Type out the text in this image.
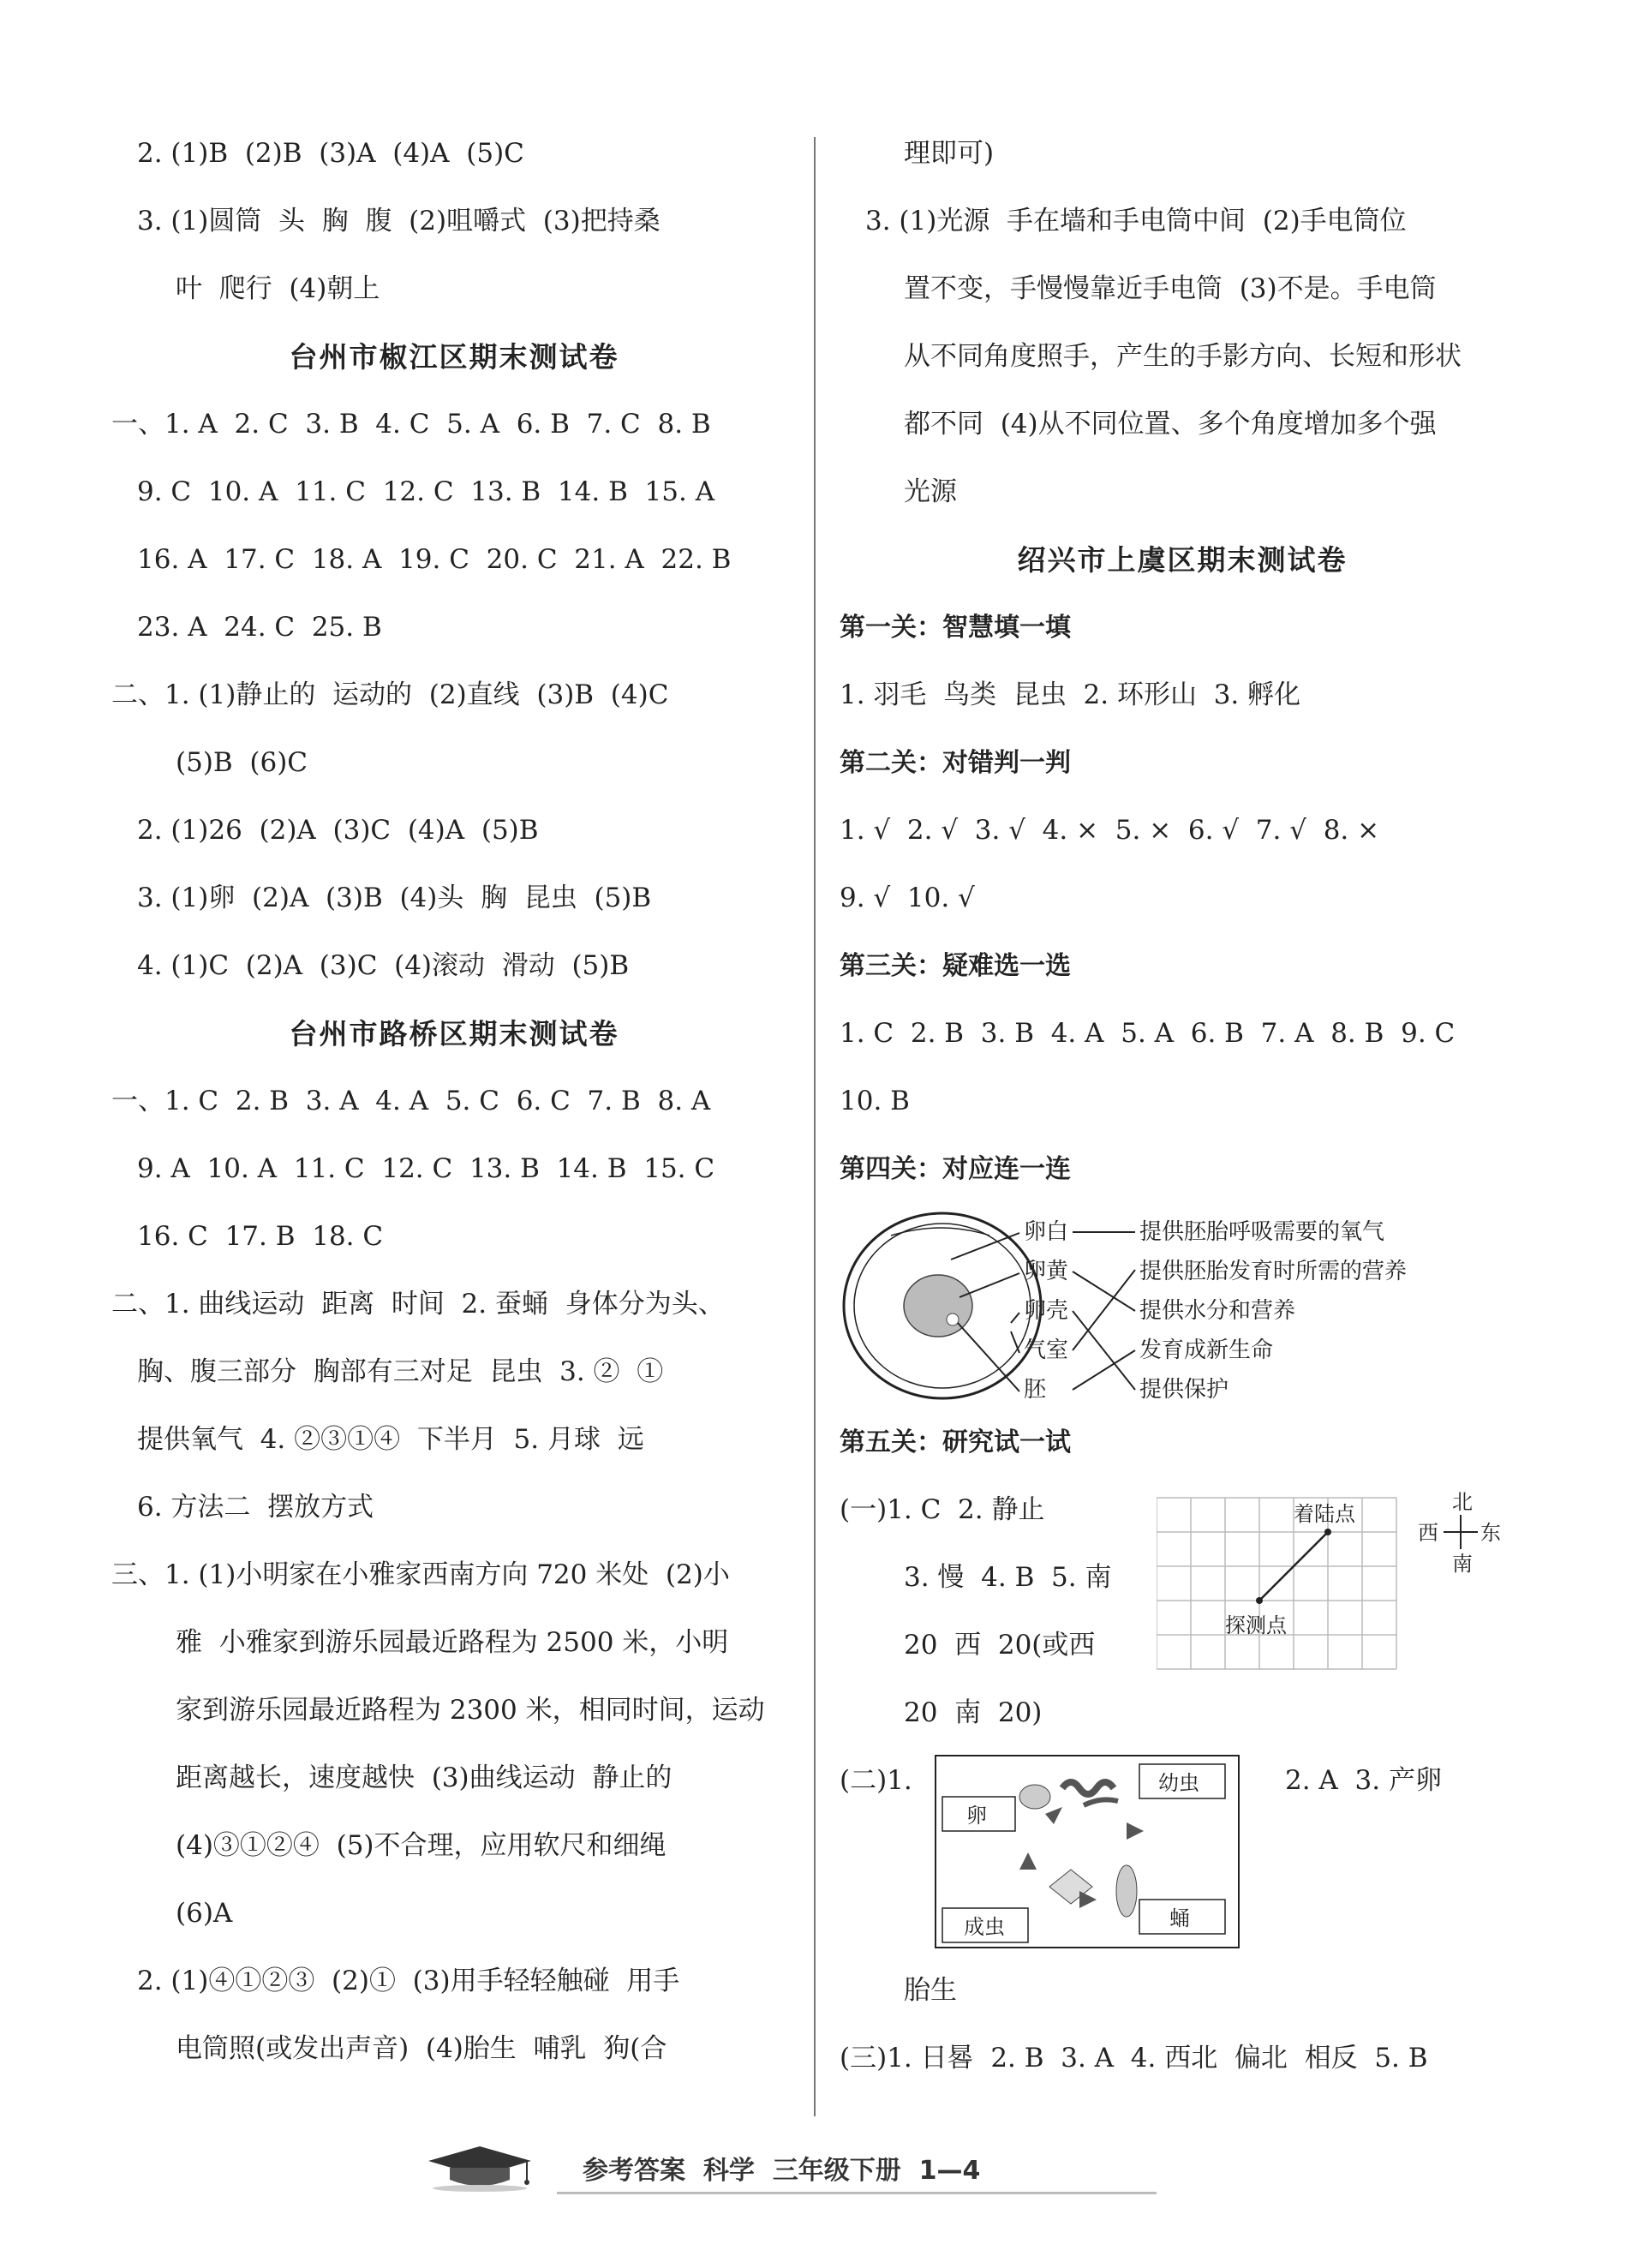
2. (1)B  (2)B  (3)A  (4)A  (5)C
3. (1)圆筒  头  胸  腹  (2)咀嚼式  (3)把持桑
叶  爬行  (4)朝上
台州市椒江区期末测试卷
一、1. A  2. C  3. B  4. C  5. A  6. B  7. C  8. B
9. C  10. A  11. C  12. C  13. B  14. B  15. A
16. A  17. C  18. A  19. C  20. C  21. A  22. B
23. A  24. C  25. B
二、1. (1)静止的  运动的  (2)直线  (3)B  (4)C
(5)B  (6)C
2. (1)26  (2)A  (3)C  (4)A  (5)B
3. (1)卵  (2)A  (3)B  (4)头  胸  昆虫  (5)B
4. (1)C  (2)A  (3)C  (4)滚动  滑动  (5)B
台州市路桥区期末测试卷
一、1. C  2. B  3. A  4. A  5. C  6. C  7. B  8. A
9. A  10. A  11. C  12. C  13. B  14. B  15. C
16. C  17. B  18. C
二、1. 曲线运动  距离  时间  2. 蚕蛹  身体分为头、
胸、腹三部分  胸部有三对足  昆虫  3. ②  ①
提供氧气  4. ②③①④  下半月  5. 月球  远
6. 方法二  摆放方式
三、1. (1)小明家在小雅家西南方向 720 米处  (2)小
雅  小雅家到游乐园最近路程为 2500 米，小明
家到游乐园最近路程为 2300 米，相同时间，运动
距离越长，速度越快  (3)曲线运动  静止的
(4)③①②④  (5)不合理，应用软尺和细绳
(6)A
2. (1)④①②③  (2)①  (3)用手轻轻触碰  用手
电筒照(或发出声音)  (4)胎生  哺乳  狗(合
理即可)
3. (1)光源  手在墙和手电筒中间  (2)手电筒位
置不变，手慢慢靠近手电筒  (3)不是。手电筒
从不同角度照手，产生的手影方向、长短和形状
都不同  (4)从不同位置、多个角度增加多个强
光源
绍兴市上虞区期末测试卷
第一关：智慧填一填
1. 羽毛  鸟类  昆虫  2. 环形山  3. 孵化
第二关：对错判一判
1. √  2. √  3. √  4. ×  5. ×  6. √  7. √  8. ×
9. √  10. √
第三关：疑难选一选
1. C  2. B  3. B  4. A  5. A  6. B  7. A  8. B  9. C
10. B
第四关：对应连一连
卵白
卵黄
卵壳
气室
胚
提供胚胎呼吸需要的氧气
提供胚胎发育时所需的营养
提供水分和营养
发育成新生命
提供保护
第五关：研究试一试
(一)1. C  2. 静止
3. 慢  4. B  5. 南
20  西  20(或西
20  南  20)
着陆点
探测点
北
南
西 东
(二)1.
卵
幼虫
蛹
成虫
2. A  3. 产卵
胎生
(三)1. 日晷  2. B  3. A  4. 西北  偏北  相反  5. B
参考答案  科学  三年级下册  1—4
